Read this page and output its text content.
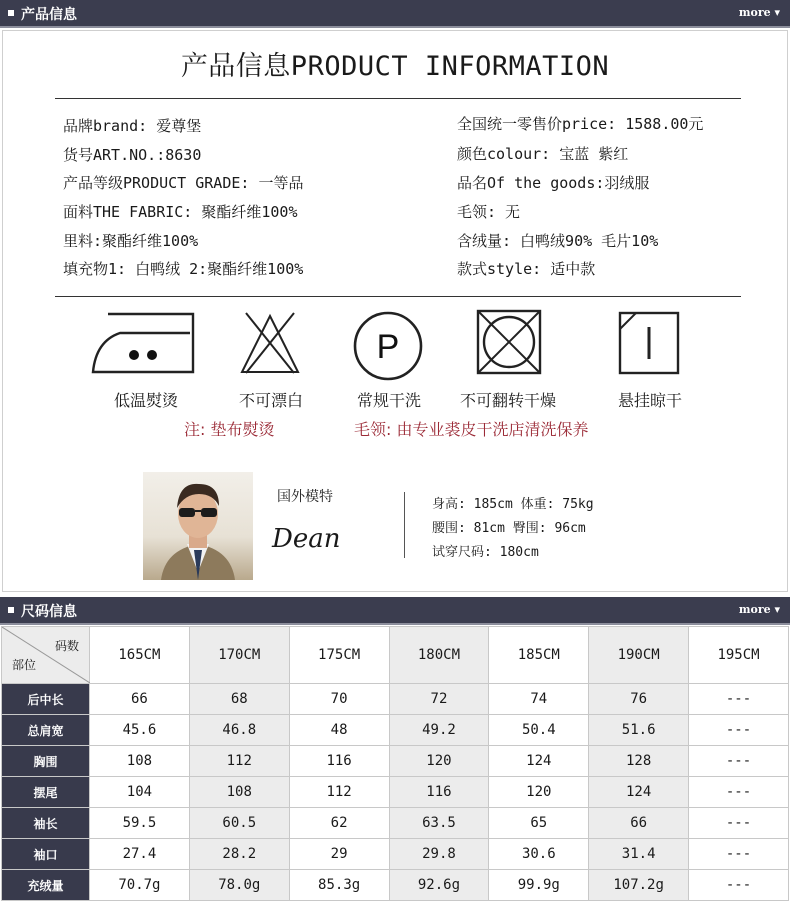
产品信息	more ▾
产品信息PRODUCT INFORMATION
品牌brand: 爱尊堡
货号ART.NO.:8630
产品等级PRODUCT GRADE: 一等品
面料THE FABRIC: 聚酯纤维100%
里料:聚酯纤维100%
填充物1: 白鸭绒 2:聚酯纤维100%
全国统一零售价price: 1588.00元
颜色colour: 宝蓝 紫红
品名Of the goods:羽绒服
毛领: 无
含绒量: 白鸭绒90% 毛片10%
款式style: 适中款
P
低温熨烫	不可漂白	常规干洗	不可翻转干燥	悬挂晾干
注: 垫布熨烫	毛领: 由专业裘皮干洗店清洗保养
国外模特
Dean
身高: 185cm 体重: 75kg
腰围: 81cm 臀围: 96cm
试穿尺码: 180cm
尺码信息	more ▾
码数
部位	165CM	170CM	175CM	180CM	185CM	190CM	195CM
后中长	66	68	70	72	74	76	---
总肩宽	45.6	46.8	48	49.2	50.4	51.6	---
胸围	108	112	116	120	124	128	---
摆尾	104	108	112	116	120	124	---
袖长	59.5	60.5	62	63.5	65	66	---
袖口	27.4	28.2	29	29.8	30.6	31.4	---
充绒量	70.7g	78.0g	85.3g	92.6g	99.9g	107.2g	---
